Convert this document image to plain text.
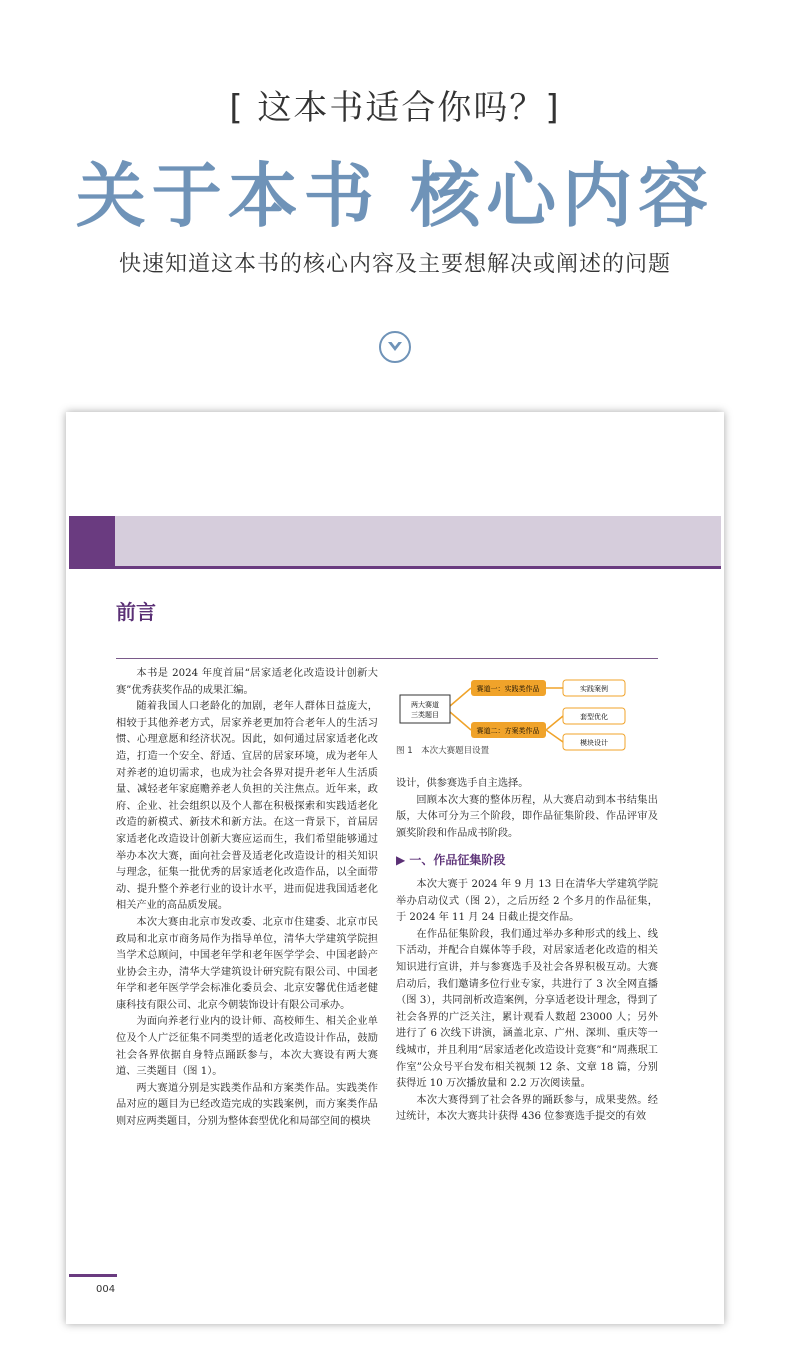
[ 这本书适合你吗？]
关于本书 核心内容
快速知道这本书的核心内容及主要想解决或阐述的问题
前言

本书是 2024 年度首届“居家适老化改造设计创新大赛”优秀获奖作品的成果汇编。

随着我国人口老龄化的加剧，老年人群体日益庞大，相较于其他养老方式，居家养老更加符合老年人的生活习惯、心理意愿和经济状况。因此，如何通过居家适老化改造，打造一个安全、舒适、宜居的居家环境，成为老年人对养老的迫切需求，也成为社会各界对提升老年人生活质量、减轻老年家庭赡养老人负担的关注焦点。近年来，政府、企业、社会组织以及个人都在积极探索和实践适老化改造的新模式、新技术和新方法。在这一背景下，首届居家适老化改造设计创新大赛应运而生，我们希望能够通过举办本次大赛，面向社会普及适老化改造设计的相关知识与理念，征集一批优秀的居家适老化改造作品，以全面带动、提升整个养老行业的设计水平，进而促进我国适老化相关产业的高品质发展。

本次大赛由北京市发改委、北京市住建委、北京市民政局和北京市商务局作为指导单位，清华大学建筑学院担当学术总顾问，中国老年学和老年医学学会、中国老龄产业协会主办，清华大学建筑设计研究院有限公司、中国老年学和老年医学学会标准化委员会、北京安馨优住适老健康科技有限公司、北京今朝装饰设计有限公司承办。

为面向养老行业内的设计师、高校师生、相关企业单位及个人广泛征集不同类型的适老化改造设计作品，鼓励社会各界依据自身特点踊跃参与，本次大赛设有两大赛道、三类题目（图 1）。

两大赛道分别是实践类作品和方案类作品。实践类作品对应的题目为已经改造完成的实践案例，而方案类作品则对应两类题目，分别为整体套型优化和局部空间的模块

两大赛道
三类题目
赛道一：实践类作品
赛道二：方案类作品
实践案例
套型优化
模块设计
图 1　本次大赛题目设置

设计，供参赛选手自主选择。

回顾本次大赛的整体历程，从大赛启动到本书结集出版，大体可分为三个阶段，即作品征集阶段、作品评审及颁奖阶段和作品成书阶段。

▶ 一、作品征集阶段

本次大赛于 2024 年 9 月 13 日在清华大学建筑学院举办启动仪式（图 2），之后历经 2 个多月的作品征集，于 2024 年 11 月 24 日截止提交作品。

在作品征集阶段，我们通过举办多种形式的线上、线下活动，并配合自媒体等手段，对居家适老化改造的相关知识进行宣讲，并与参赛选手及社会各界积极互动。大赛启动后，我们邀请多位行业专家，共进行了 3 次全网直播（图 3），共同剖析改造案例，分享适老设计理念，得到了社会各界的广泛关注，累计观看人数超 23000 人；另外进行了 6 次线下讲演，涵盖北京、广州、深圳、重庆等一线城市，并且利用“居家适老化改造设计竞赛”和“周燕珉工作室”公众号平台发布相关视频 12 条、文章 18 篇，分别获得近 10 万次播放量和 2.2 万次阅读量。

本次大赛得到了社会各界的踊跃参与，成果斐然。经过统计，本次大赛共计获得 436 位参赛选手提交的有效

004
